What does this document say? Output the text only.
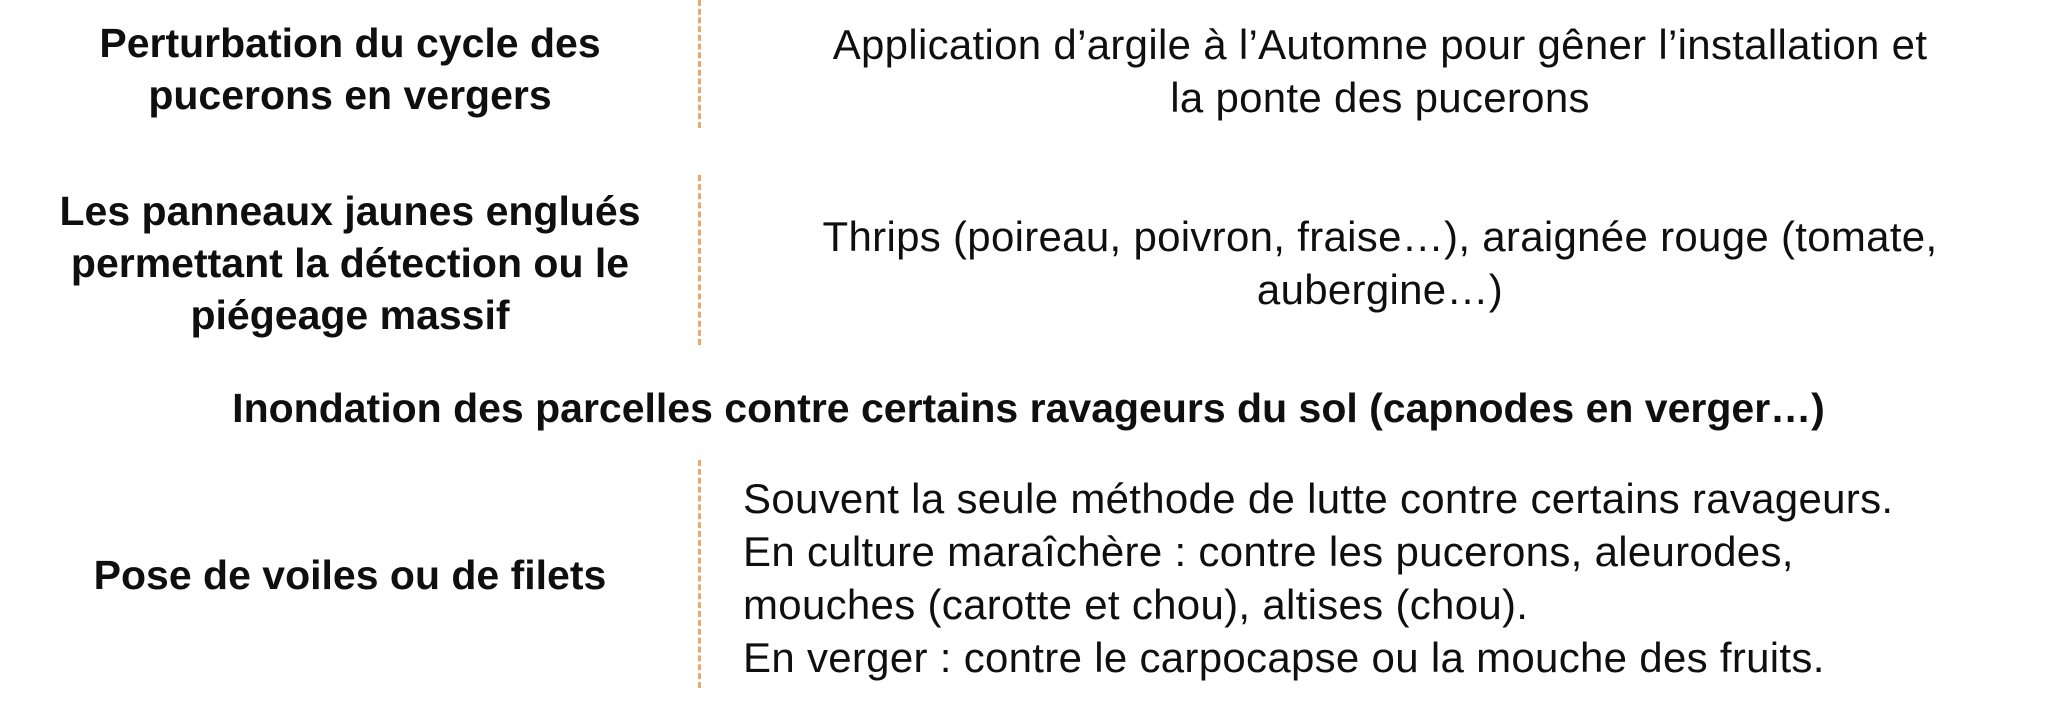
Perturbation du cycle des
pucerons en vergers
Application d’argile à l’Automne pour gêner l’installation et
la ponte des pucerons
Les panneaux jaunes englués
permettant la détection ou le
piégeage massif
Thrips (poireau, poivron, fraise…), araignée rouge (tomate,
aubergine…)
Inondation des parcelles contre certains ravageurs du sol (capnodes en verger…)
Pose de voiles ou de filets
Souvent la seule méthode de lutte contre certains ravageurs.
En culture maraîchère : contre les pucerons, aleurodes,
mouches (carotte et chou), altises (chou).
En verger : contre le carpocapse ou la mouche des fruits.
